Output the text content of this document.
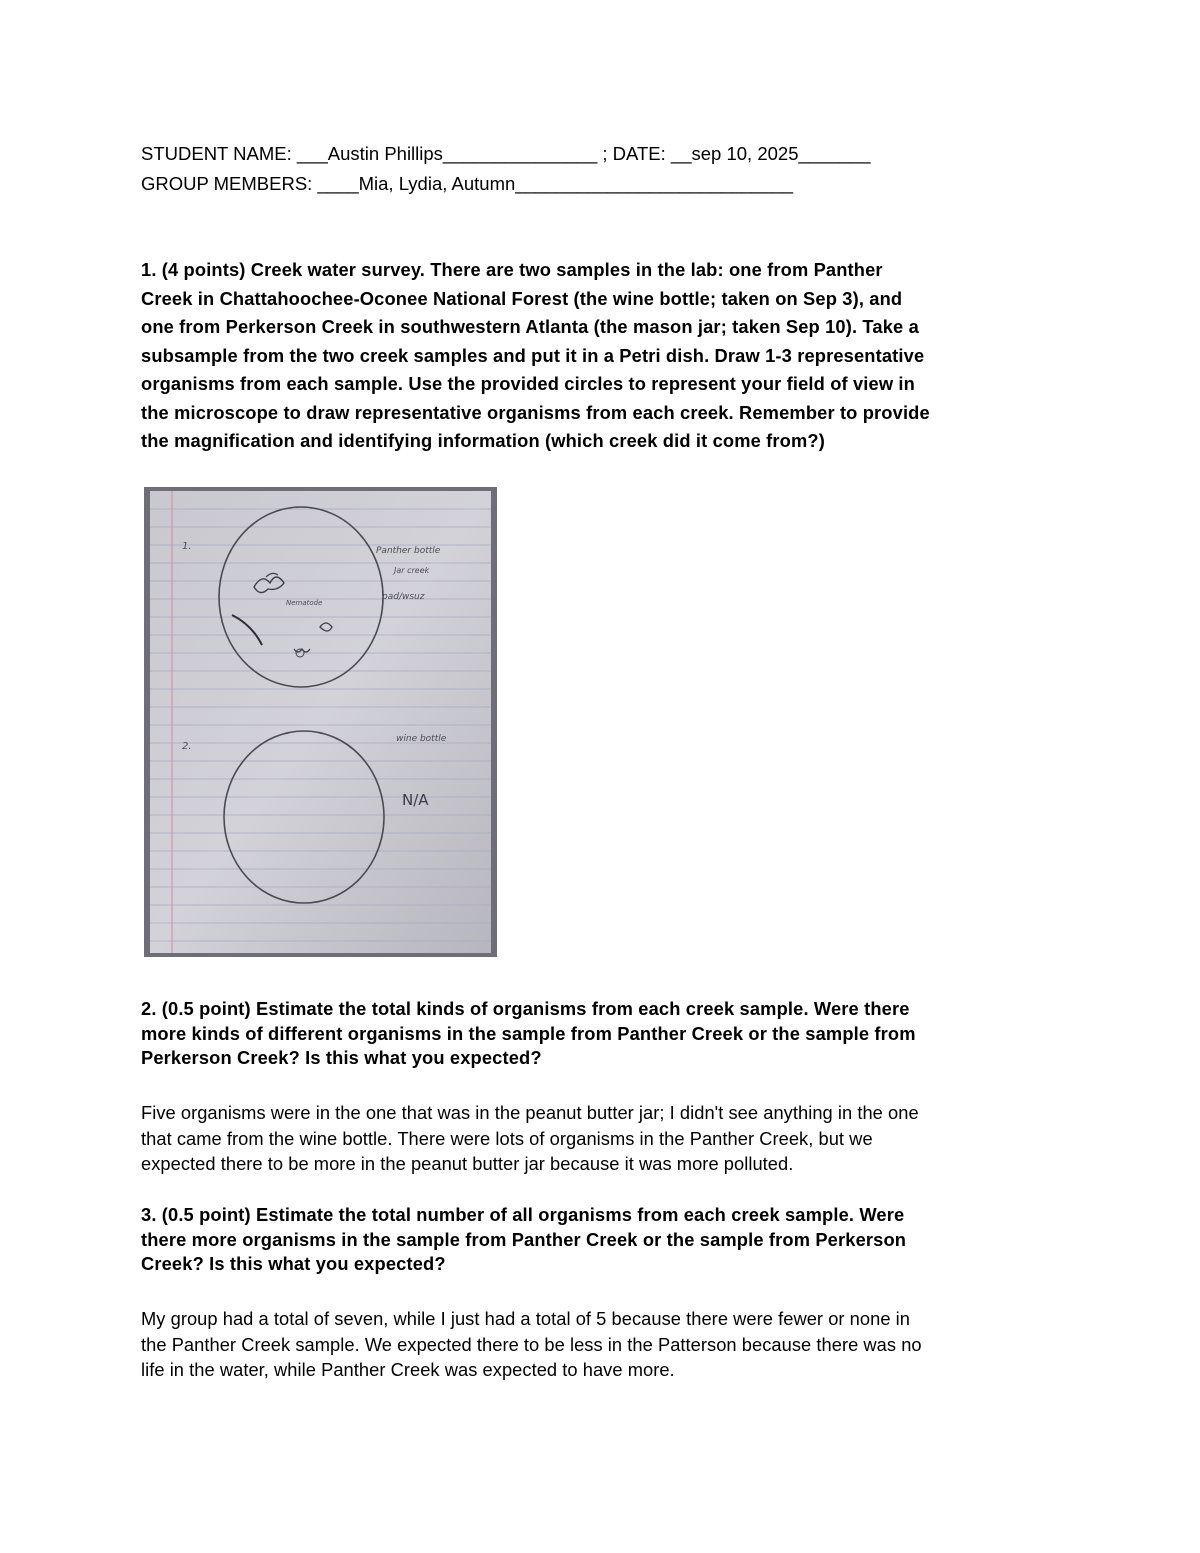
STUDENT NAME: ___Austin Phillips_______________ ; DATE: __sep 10, 2025_______
GROUP MEMBERS: ____Mia, Lydia, Autumn___________________________
1. (4 points) Creek water survey. There are two samples in the lab: one from Panther
Creek in Chattahoochee-Oconee National Forest (the wine bottle; taken on Sep 3), and
one from Perkerson Creek in southwestern Atlanta (the mason jar; taken Sep 10). Take a
subsample from the two creek samples and put it in a Petri dish. Draw 1-3 representative
organisms from each sample. Use the provided circles to represent your field of view in
the microscope to draw representative organisms from each creek. Remember to provide
the magnification and identifying information (which creek did it come from?)
1.	Panther bottle
Jar creek
pad/wsuz
Nematode
2.
wine bottle
N/A
2. (0.5 point) Estimate the total kinds of organisms from each creek sample. Were there
more kinds of different organisms in the sample from Panther Creek or the sample from
Perkerson Creek? Is this what you expected?
Five organisms were in the one that was in the peanut butter jar; I didn't see anything in the one
that came from the wine bottle. There were lots of organisms in the Panther Creek, but we
expected there to be more in the peanut butter jar because it was more polluted.
3. (0.5 point) Estimate the total number of all organisms from each creek sample. Were
there more organisms in the sample from Panther Creek or the sample from Perkerson
Creek? Is this what you expected?
My group had a total of seven, while I just had a total of 5 because there were fewer or none in
the Panther Creek sample. We expected there to be less in the Patterson because there was no
life in the water, while Panther Creek was expected to have more.
